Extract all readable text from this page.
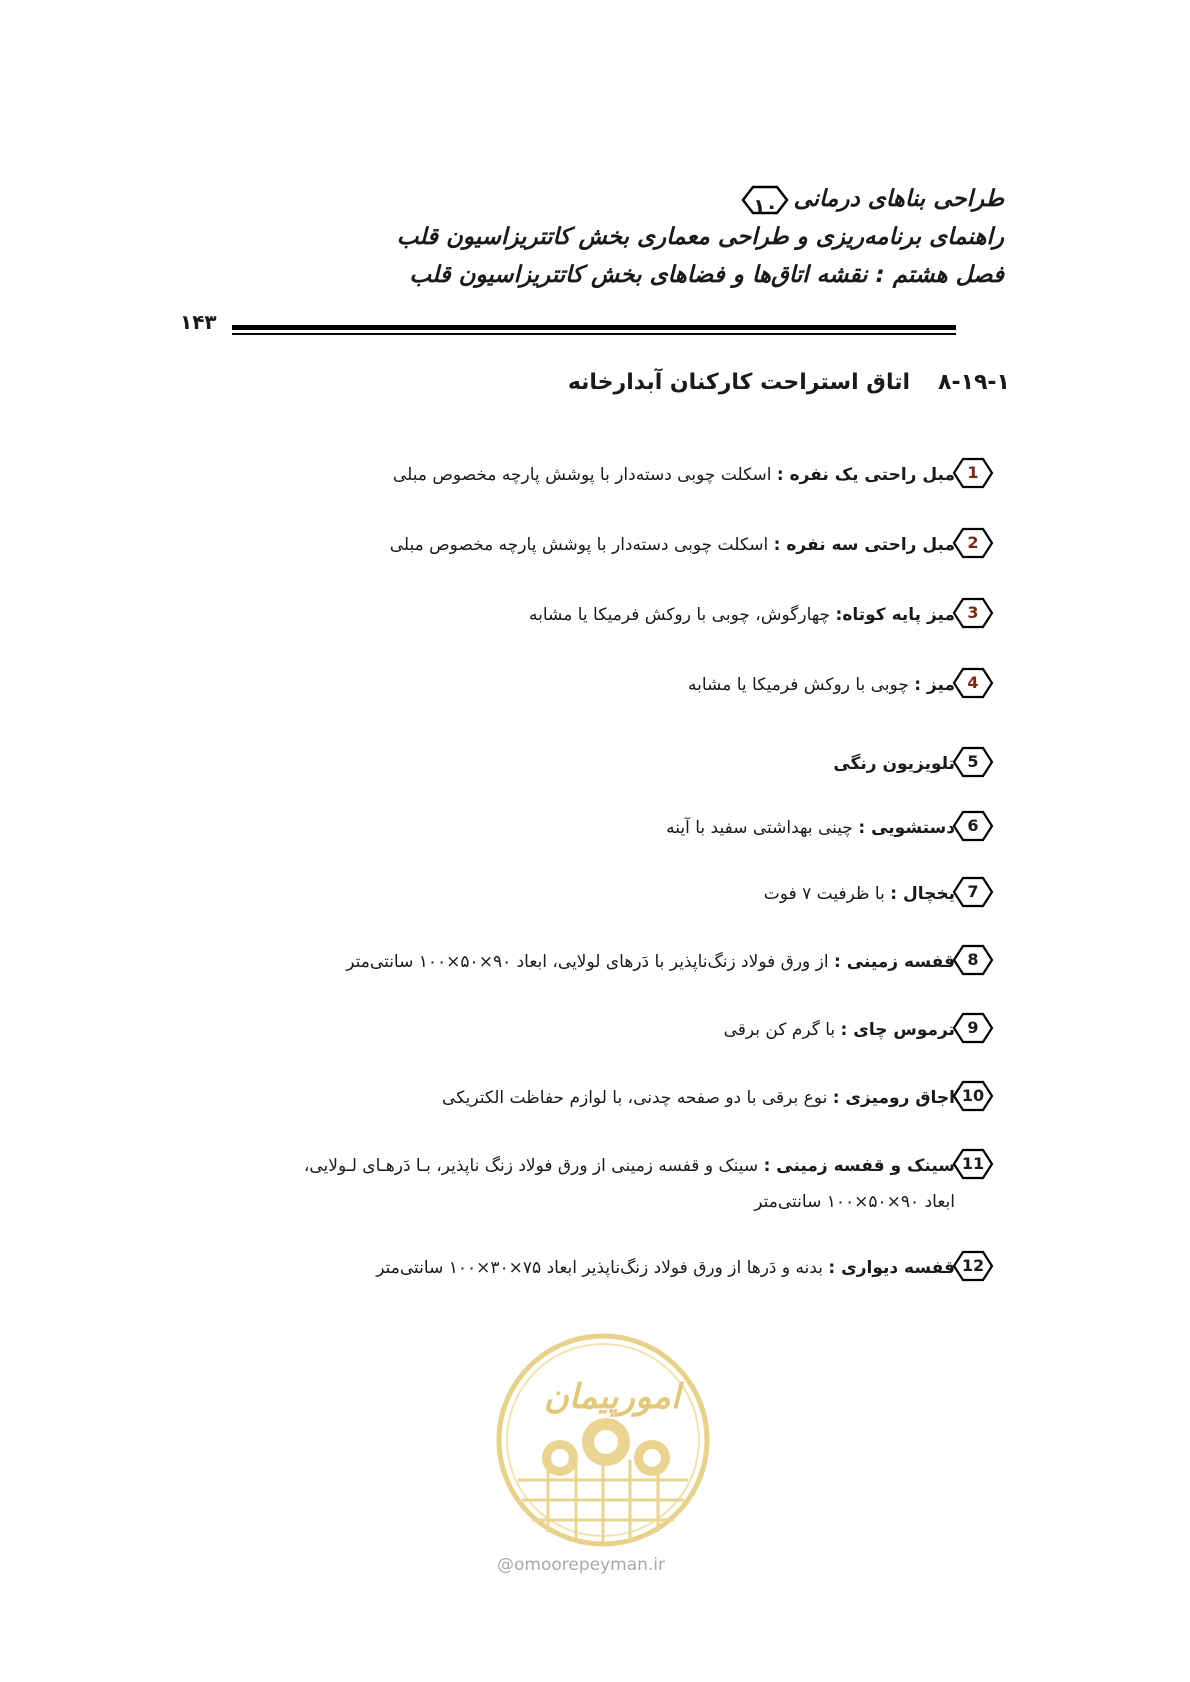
طراحی بناهای درمانی
۱۰
راهنمای برنامه‌ریزی و طراحی معماری بخش کاتتریزاسیون قلب
فصل هشتم : نقشه اتاق‌ها و فضاهای بخش کاتتریزاسیون قلب
۱۴۳
۸-۱۹-۱اتاق استراحت کارکنان آبدارخانه
1
مبل راحتی یک نفره : اسکلت چوبی دسته‌دار با پوشش پارچه مخصوص مبلی
2
مبل راحتی سه نفره : اسکلت چوبی دسته‌دار با پوشش پارچه مخصوص مبلی
3
میز پایه کوتاه: چهارگوش، چوبی با روکش فرمیکا یا مشابه
4
میز : چوبی با روکش فرمیکا یا مشابه
5
تلویزیون رنگی
6
دستشویی : چینی بهداشتی سفید با آینه
7
یخچال : با ظرفیت ۷ فوت
8
قفسه زمینی : از ورق فولاد زنگ‌ناپذیر با دَرهای لولایی، ابعاد ۹۰×۵۰×۱۰۰ سانتی‌متر
9
ترموس چای : با گرم کن برقی
10
اجاق رومیزی : نوع برقی با دو صفحه چدنی، با لوازم حفاظت الکتریکی
11
سینک و قفسه زمینی : سینک و قفسه زمینی از ورق فولاد زنگ ناپذیر، بـا دَرهـای لـولایی،
ابعاد ۹۰×۵۰×۱۰۰ سانتی‌متر
12
قفسه دیواری : بدنه و دَرها از ورق فولاد زنگ‌ناپذیر ابعاد ۷۵×۳۰×۱۰۰ سانتی‌متر
امورپیمان
@omoorepeyman.ir
